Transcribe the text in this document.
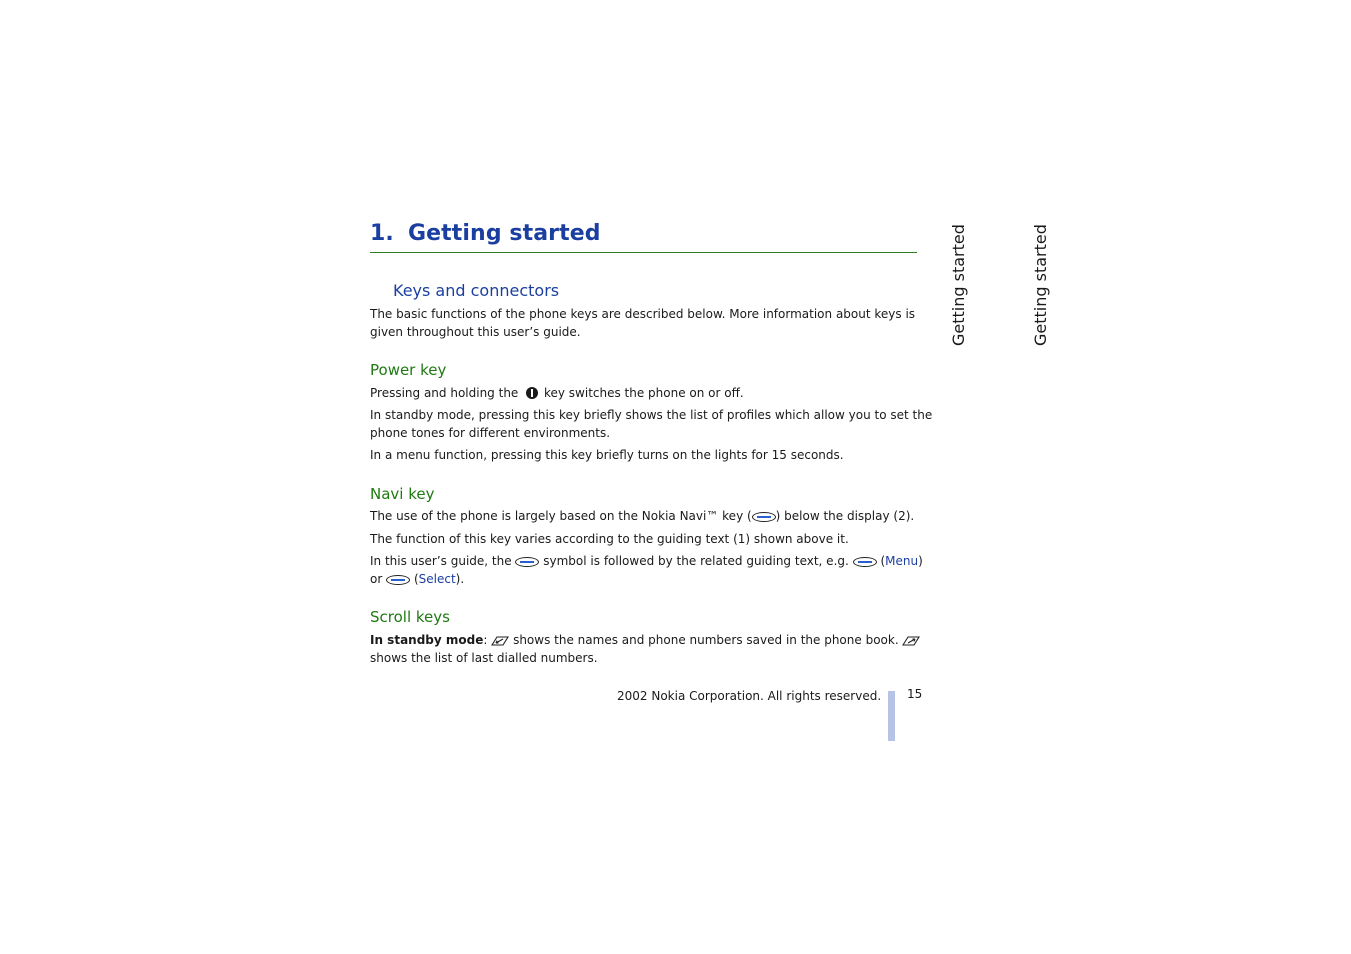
1. Getting started	Getting started	Getting started
Keys and connectors
The basic functions of the phone keys are described below. More information about keys is given throughout this user’s guide.
Power key
Pressing and holding the key switches the phone on or off.
In standby mode, pressing this key briefly shows the list of profiles which allow you to set the phone tones for different environments.
In a menu function, pressing this key briefly turns on the lights for 15 seconds.
Navi key
The use of the phone is largely based on the Nokia Navi™ key ( ) below the display (2).
The function of this key varies according to the guiding text (1) shown above it.
In this user’s guide, the	symbol is followed by the related guiding text, e.g.	(Menu) or	(Select).
Scroll keys
In standby mode: shows the names and phone numbers saved in the phone book.  shows the list of last dialled numbers.
2002 Nokia Corporation. All rights reserved. 15
